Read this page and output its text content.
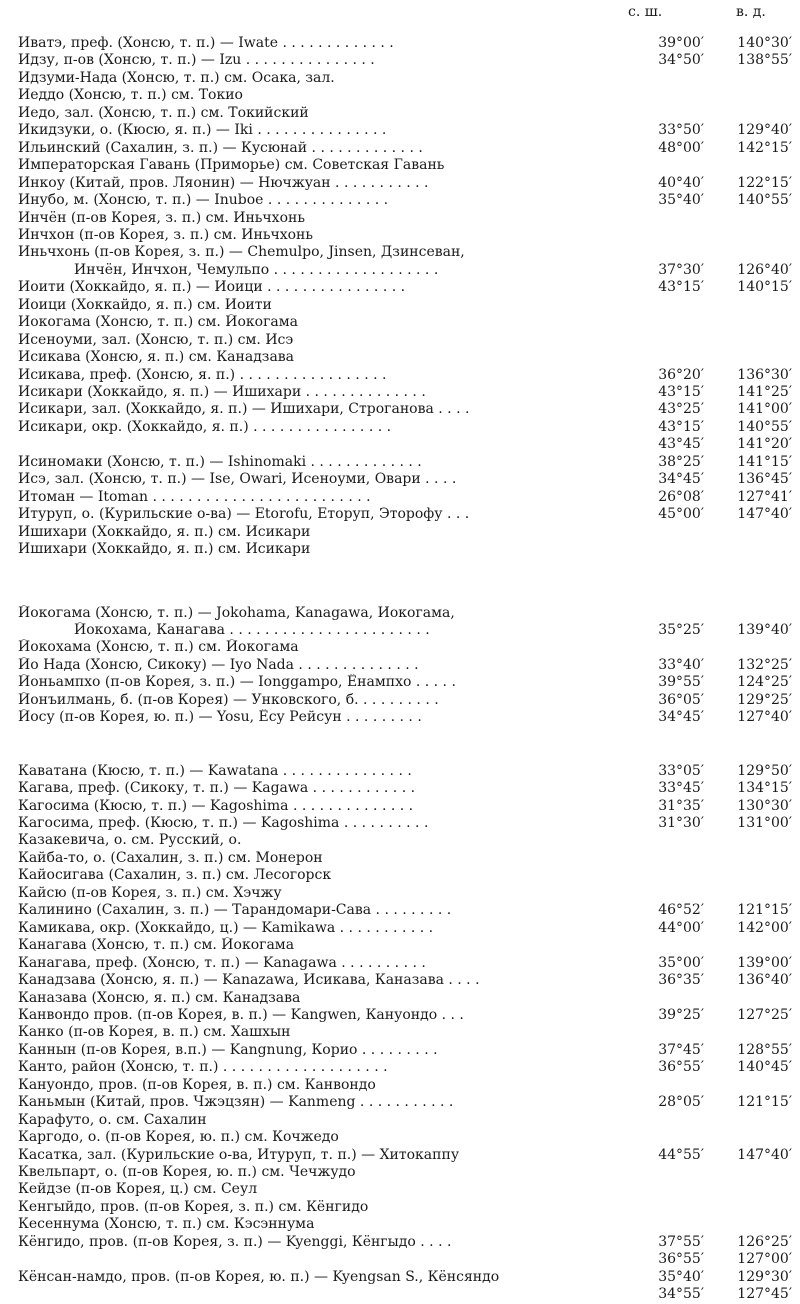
с. ш.	в. д.
Иватэ, преф. (Хонсю, т. п.) — Iwate . . . . . . . . . . . . .	39°00′	140°30′
Идзу, п-ов (Хонсю, т. п.) — Izu . . . . . . . . . . . . . . .	34°50′	138°55′
Идзуми-Нада (Хонсю, т. п.) см. Осака, зал.
Иеддо (Хонсю, т. п.) см. Токио
Иедо, зал. (Хонсю, т. п.) см. Токийский
Икидзуки, о. (Кюсю, я. п.) — Iki . . . . . . . . . . . . . . .	33°50′	129°40′
Ильинский (Сахалин, з. п.) — Кусюнай . . . . . . . . . . . . .	48°00′	142°15′
Императорская Гавань (Приморье) см. Советская Гавань
Инкоу (Китай, пров. Ляонин) — Нючжуан . . . . . . . . . . .	40°40′	122°15′
Инубо, м. (Хонсю, т. п.) — Inuboe . . . . . . . . . . . . . .	35°40′	140°55′
Инчён (п-ов Корея, з. п.) см. Иньчхонь
Инчхон (п-ов Корея, з. п.) см. Иньчхонь
Иньчхонь (п-ов Корея, з. п.) — Chemulpo, Jinsen, Дзинсеван,
Инчён, Инчхон, Чемульпо . . . . . . . . . . . . . . . . . . .	37°30′	126°40′
Иоити (Хоккайдо, я. п.) — Иоици . . . . . . . . . . . . . . . .	43°15′	140°15′
Иоици (Хоккайдо, я. п.) см. Иоити
Иокогама (Хонсю, т. п.) см. Йокогама
Исеноуми, зал. (Хонсю, т. п.) см. Исэ
Исикава (Хонсю, я. п.) см. Канадзава
Исикава, преф. (Хонсю, я. п.) . . . . . . . . . . . . . . . . .	36°20′	136°30′
Исикари (Хоккайдо, я. п.) — Ишихари . . . . . . . . . . . . . .	43°15′	141°25′
Исикари, зал. (Хоккайдо, я. п.) — Ишихари, Строганова . . . .	43°25′	141°00′
Исикари, окр. (Хоккайдо, я. п.) . . . . . . . . . . . . . . . .	43°15′	140°55′
43°45′	141°20′
Исиномаки (Хонсю, т. п.) — Ishinomaki . . . . . . . . . . . . .	38°25′	141°15′
Исэ, зал. (Хонсю, т. п.) — Ise, Owari, Исеноуми, Овари . . . .	34°45′	136°45′
Итоман — Itoman . . . . . . . . . . . . . . . . . . . . . . . . .	26°08′	127°41′
Итуруп, о. (Курильские о-ва) — Etorofu, Еторуп, Эторофу . . .	45°00′	147°40′
Ишихари (Хоккайдо, я. п.) см. Исикари
Ишихари (Хоккайдо, я. п.) см. Исикари
Йокогама (Хонсю, т. п.) — Jokohama, Kanagawa, Иокогама,
Йокохама, Канагава . . . . . . . . . . . . . . . . . . . . . . .	35°25′	139°40′
Йокохама (Хонсю, т. п.) см. Йокогама
Йо Нада (Хонсю, Сикоку) — Iyo Nada . . . . . . . . . . . . . .	33°40′	132°25′
Йоньампхо (п-ов Корея, з. п.) — Ionggampo, Ёнампхо . . . . .	39°55′	124°25′
Йонъилмань, б. (п-ов Корея) — Унковского, б. . . . . . . . . .	36°05′	129°25′
Йосу (п-ов Корея, ю. п.) — Yosu, Ёсу Рейсун . . . . . . . . .	34°45′	127°40′
Каватана (Кюсю, т. п.) — Kawatana . . . . . . . . . . . . . . .	33°05′	129°50′
Кагава, преф. (Сикоку, т. п.) — Kagawa . . . . . . . . . . . .	33°45′	134°15′
Кагосима (Кюсю, т. п.) — Kagoshima . . . . . . . . . . . . . .	31°35′	130°30′
Кагосима, преф. (Кюсю, т. п.) — Kagoshima . . . . . . . . . .	31°30′	131°00′
Казакевича, о. см. Русский, о.
Кайба-то, о. (Сахалин, з. п.) см. Монерон
Кайосигава (Сахалин, з. п.) см. Лесогорск
Кайсю (п-ов Корея, з. п.) см. Хэчжу
Калинино (Сахалин, з. п.) — Тарандомари-Сава . . . . . . . . .	46°52′	121°15′
Камикава, окр. (Хоккайдо, ц.) — Kamikawa . . . . . . . . . . .	44°00′	142°00′
Канагава (Хонсю, т. п.) см. Йокогама
Канагава, преф. (Хонсю, т. п.) — Kanagawa . . . . . . . . . .	35°00′	139°00′
Канадзава (Хонсю, я. п.) — Kanazawa, Исикава, Каназава . . . .	36°35′	136°40′
Каназава (Хонсю, я. п.) см. Канадзава
Канвондо пров. (п-ов Корея, в. п.) — Kangwen, Кануондо . . .	39°25′	127°25′
Канко (п-ов Корея, в. п.) см. Хашхын
Каннын (п-ов Корея, в.п.) — Kangnung, Корио . . . . . . . . .	37°45′	128°55′
Канто, район (Хонсю, т. п.) . . . . . . . . . . . . . . . . . . .	36°55′	140°45′
Кануондо, пров. (п-ов Корея, в. п.) см. Канвондо
Каньмын (Китай, пров. Чжэцзян) — Kanmeng . . . . . . . . . . .	28°05′	121°15′
Карафуто, о. см. Сахалин
Каргодо, о. (п-ов Корея, ю. п.) см. Кочжедо
Касатка, зал. (Курильские о-ва, Итуруп, т. п.) — Хитокаппу	44°55′	147°40′
Квельпарт, о. (п-ов Корея, ю. п.) см. Чечжудо
Кейдзе (п-ов Корея, ц.) см. Сеул
Кенгыйдо, пров. (п-ов Корея, з. п.) см. Кёнгидо
Кесеннума (Хонсю, т. п.) см. Кэсэннума
Кёнгидо, пров. (п-ов Корея, з. п.) — Kyenggi, Кёнгыдо . . . .	37°55′	126°25′
36°55′	127°00′
Кёнсан-намдо, пров. (п-ов Корея, ю. п.) — Kyengsan S., Кёнсяндо	35°40′	129°30′
34°55′	127°45′
